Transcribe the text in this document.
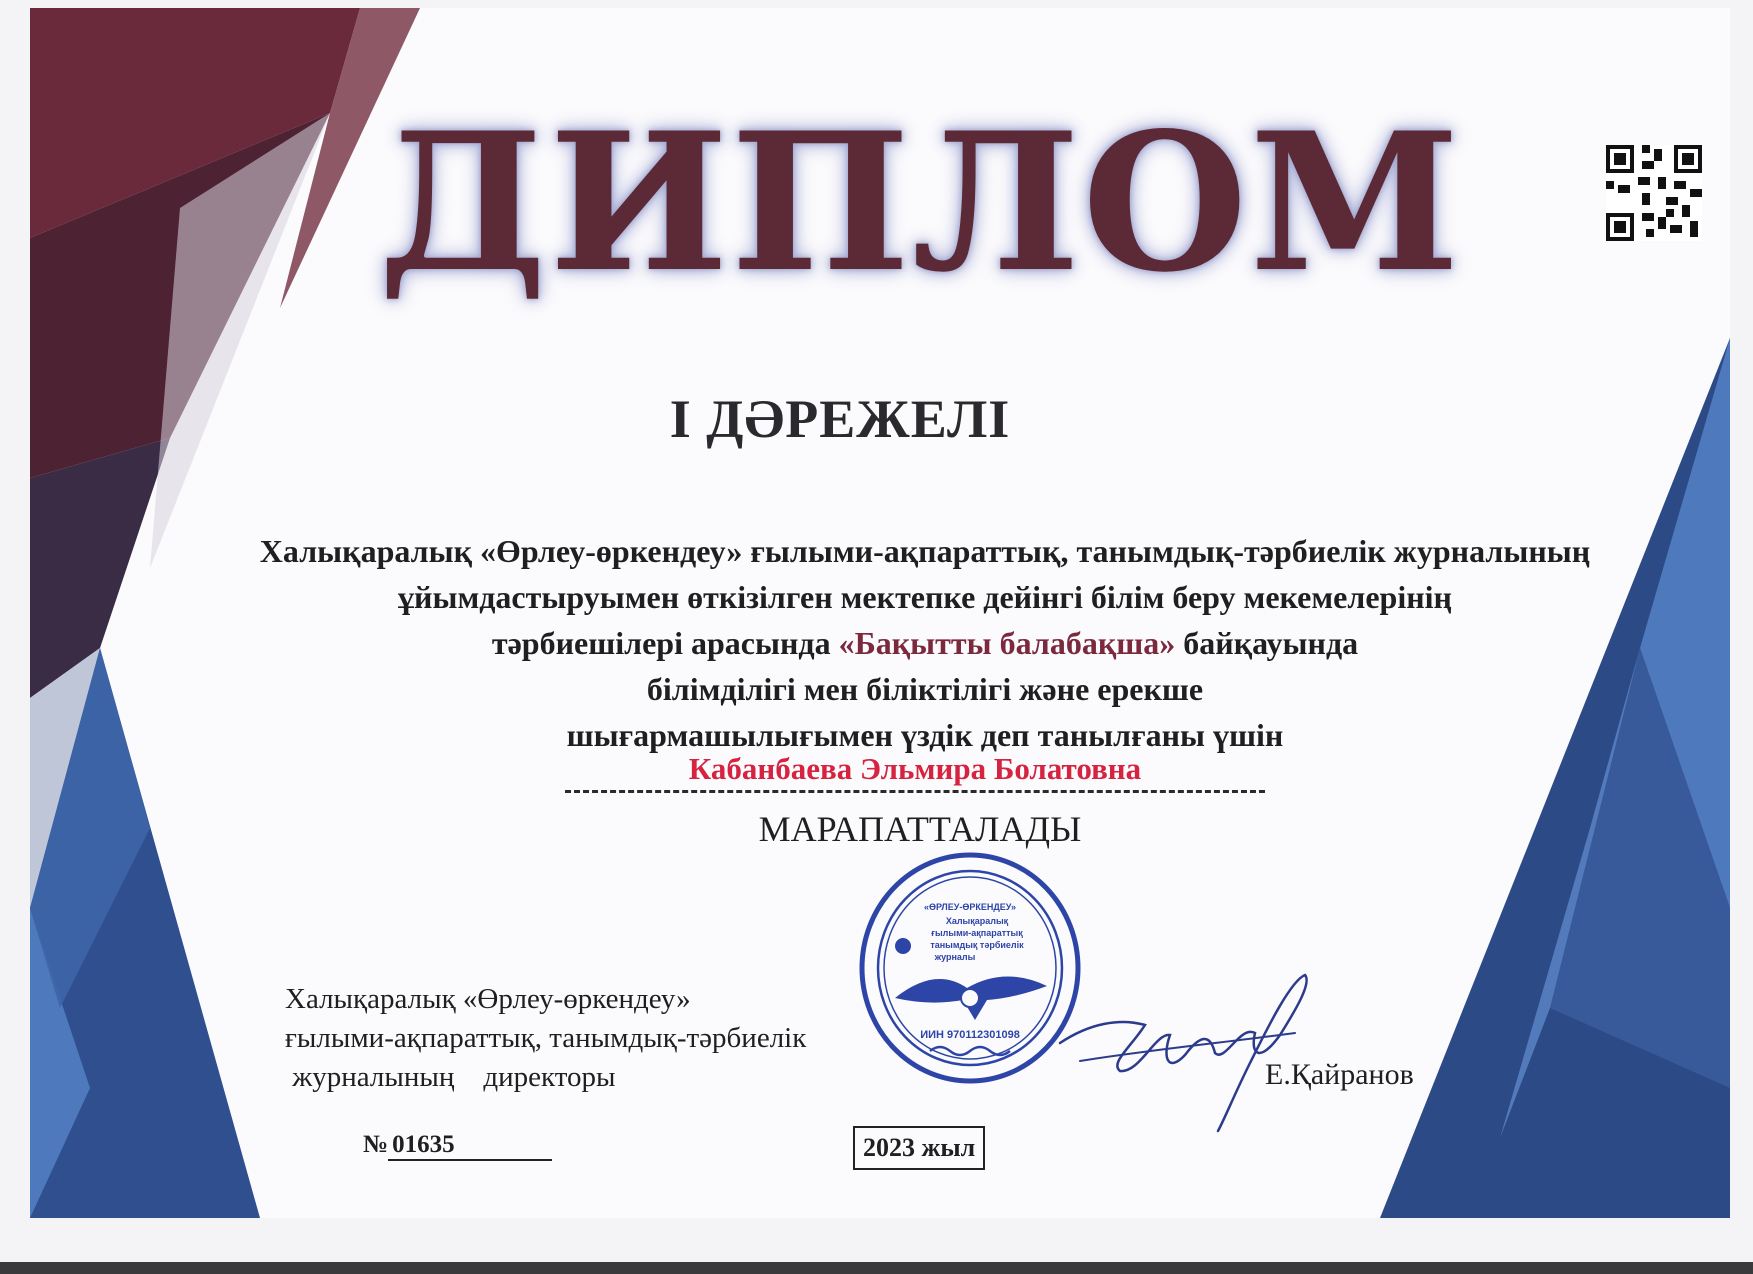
ДИПЛОМ
I ДӘРЕЖЕЛІ
Халықаралық «Өрлеу-өркендеу» ғылыми-ақпараттық, танымдық-тәрбиелік журналының
ұйымдастыруымен өткізілген мектепке дейінгі білім беру мекемелерінің
тәрбиешілері арасында «Бақытты балабақша» байқауында
білімділігі мен біліктілігі және ерекше
шығармашылығымен үздік деп танылғаны үшін
Кабанбаева Эльмира Болатовна
МАРАПАТТАЛАДЫ
Халықаралық «Өрлеу-өркендеу»
ғылыми-ақпараттық, танымдық-тәрбиелік
журналының    директоры
«ӨРЛЕУ-ӨРКЕНДЕУ»
Халықаралық
ғылыми-ақпараттық
танымдық тәрбиелік
журналы
ИИН 970112301098
Е.Қайранов
№ 01635	2023 жыл
